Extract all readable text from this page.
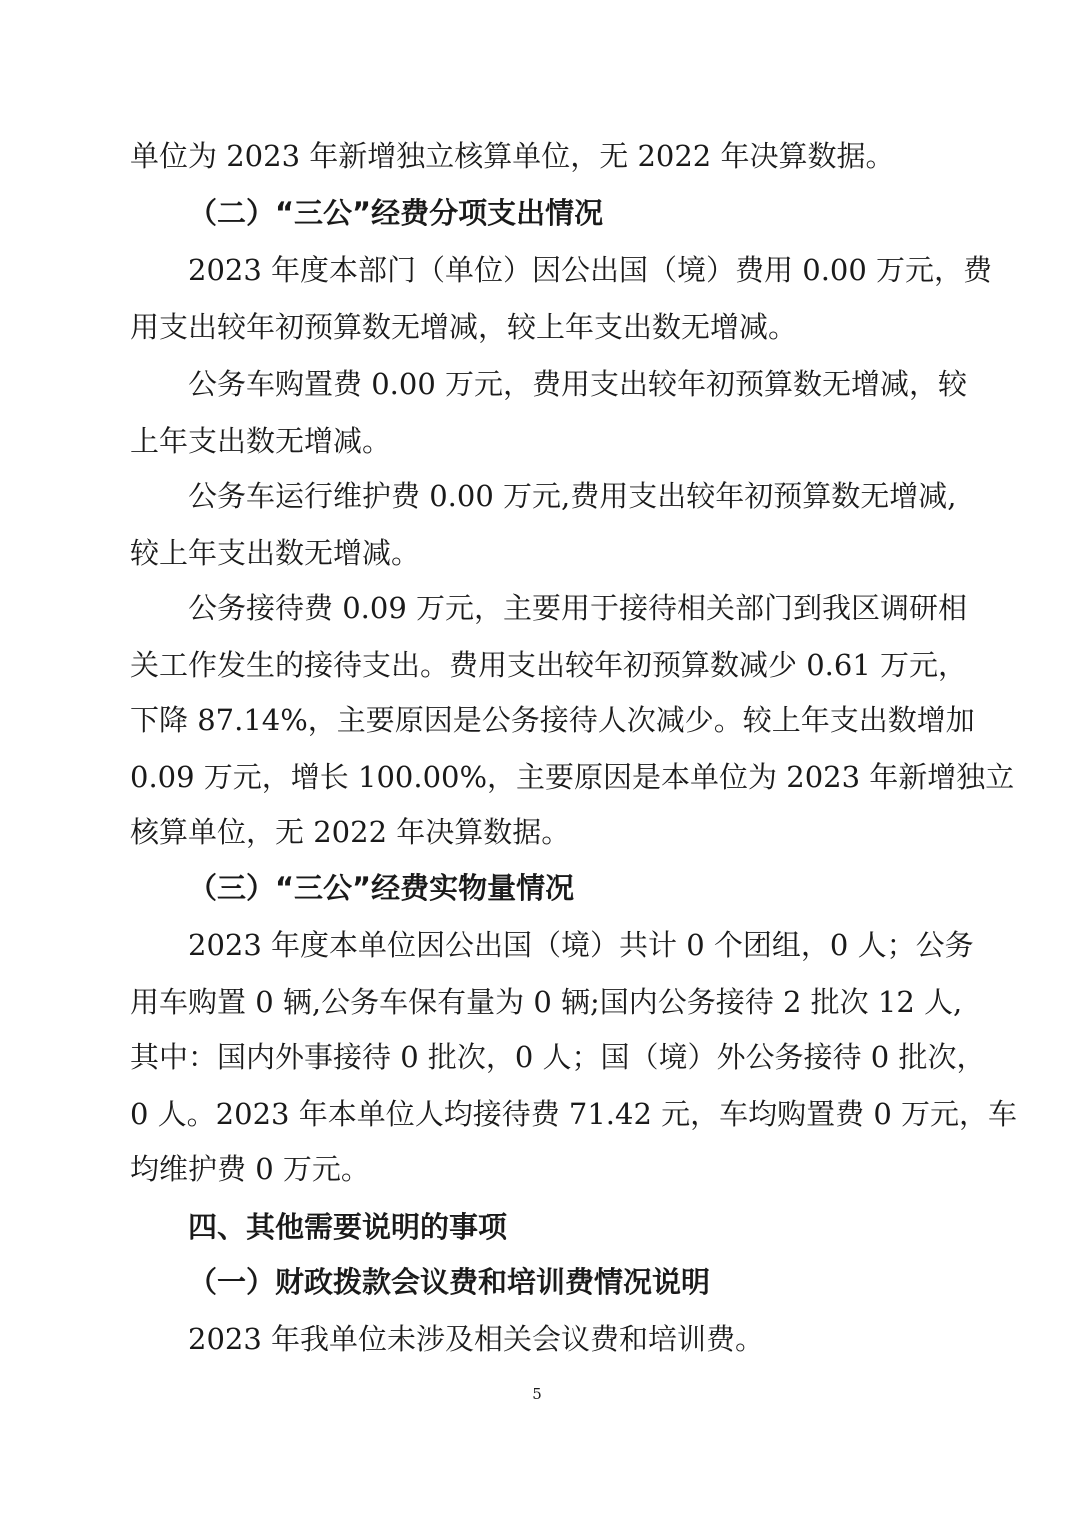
单位为 2023 年新增独立核算单位，无 2022 年决算数据。
（二）“三公”经费分项支出情况
2023 年度本部门（单位）因公出国（境）费用 0.00 万元，费
用支出较年初预算数无增减，较上年支出数无增减。
公务车购置费 0.00 万元，费用支出较年初预算数无增减，较
上年支出数无增减。
公务车运行维护费 0.00 万元,费用支出较年初预算数无增减,
较上年支出数无增减。
公务接待费 0.09 万元，主要用于接待相关部门到我区调研相
关工作发生的接待支出。费用支出较年初预算数减少 0.61 万元，
下降 87.14%，主要原因是公务接待人次减少。较上年支出数增加
0.09 万元，增长 100.00%，主要原因是本单位为 2023 年新增独立
核算单位，无 2022 年决算数据。
（三）“三公”经费实物量情况
2023 年度本单位因公出国（境）共计 0 个团组，0 人；公务
用车购置 0 辆,公务车保有量为 0 辆;国内公务接待 2 批次 12 人,
其中：国内外事接待 0 批次，0 人；国（境）外公务接待 0 批次，
0 人。2023 年本单位人均接待费 71.42 元，车均购置费 0 万元，车
均维护费 0 万元。
四、其他需要说明的事项
（一）财政拨款会议费和培训费情况说明
2023 年我单位未涉及相关会议费和培训费。
5
